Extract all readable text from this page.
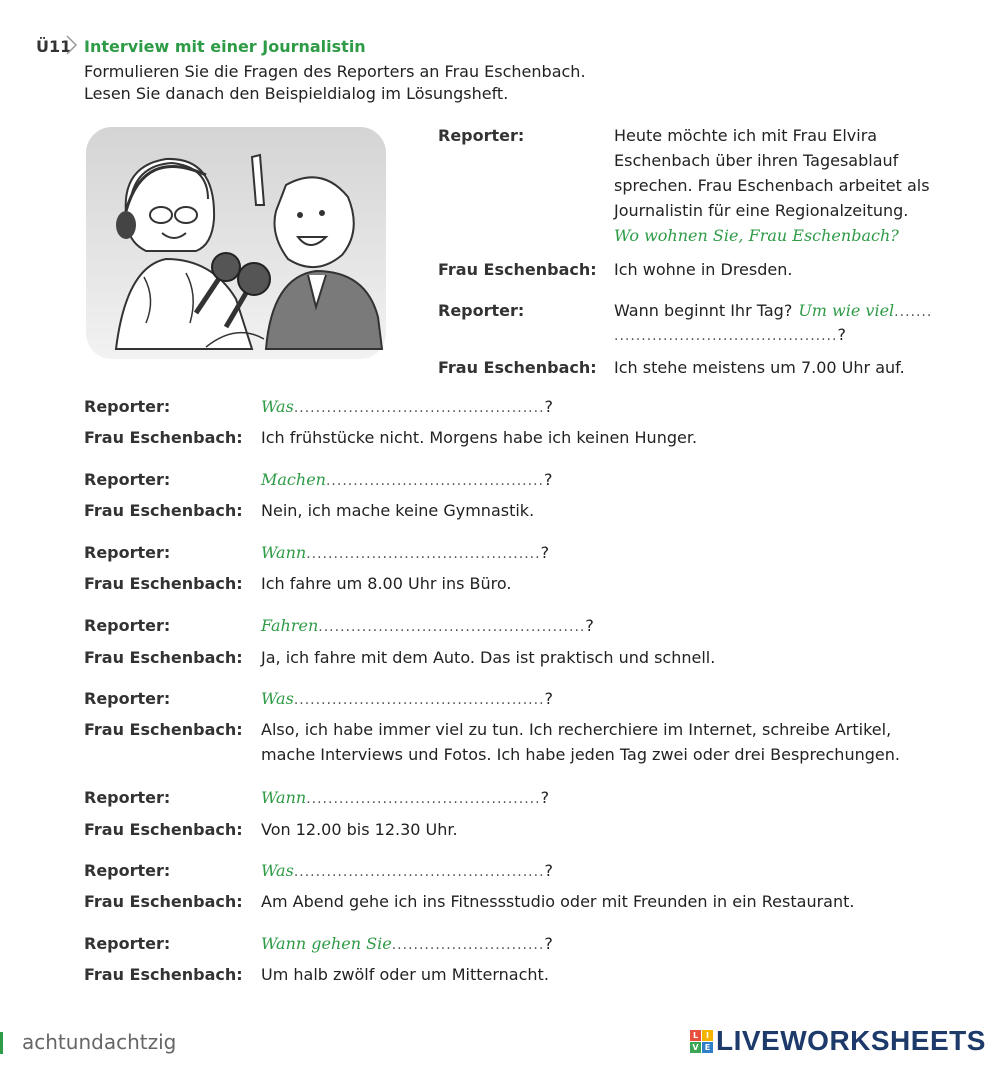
Ü11 Interview mit einer Journalistin
Formulieren Sie die Fragen des Reporters an Frau Eschenbach.
Lesen Sie danach den Beispieldialog im Lösungsheft.
Reporter:	Heute möchte ich mit Frau Elvira
Eschenbach über ihren Tagesablauf
sprechen. Frau Eschenbach arbeitet als
Journalistin für eine Regionalzeitung.
Wo wohnen Sie, Frau Eschenbach?
Frau Eschenbach: Ich wohne in Dresden.
Reporter:	Wann beginnt Ihr Tag? Um wie viel .......
......................................... ?
Frau Eschenbach: Ich stehe meistens um 7.00 Uhr auf.
Reporter:	Was .............................................. ?
Frau Eschenbach: Ich frühstücke nicht. Morgens habe ich keinen Hunger.
Reporter:	Machen ........................................ ?
Frau Eschenbach: Nein, ich mache keine Gymnastik.
Reporter:	Wann ........................................... ?
Frau Eschenbach: Ich fahre um 8.00 Uhr ins Büro.
Reporter:	Fahren ................................................. ?
Frau Eschenbach: Ja, ich fahre mit dem Auto. Das ist praktisch und schnell.
Reporter:	Was .............................................. ?
Frau Eschenbach: Also, ich habe immer viel zu tun. Ich recherchiere im Internet, schreibe Artikel,
mache Interviews und Fotos. Ich habe jeden Tag zwei oder drei Besprechungen.
Reporter:	Wann ........................................... ?
Frau Eschenbach: Von 12.00 bis 12.30 Uhr.
Reporter:	Was .............................................. ?
Frau Eschenbach: Am Abend gehe ich ins Fitnessstudio oder mit Freunden in ein Restaurant.
Reporter:	Wann gehen Sie ............................ ?
Frau Eschenbach: Um halb zwölf oder um Mitternacht.
achtundachtzig	L I
V E LIVEWORKSHEETS
